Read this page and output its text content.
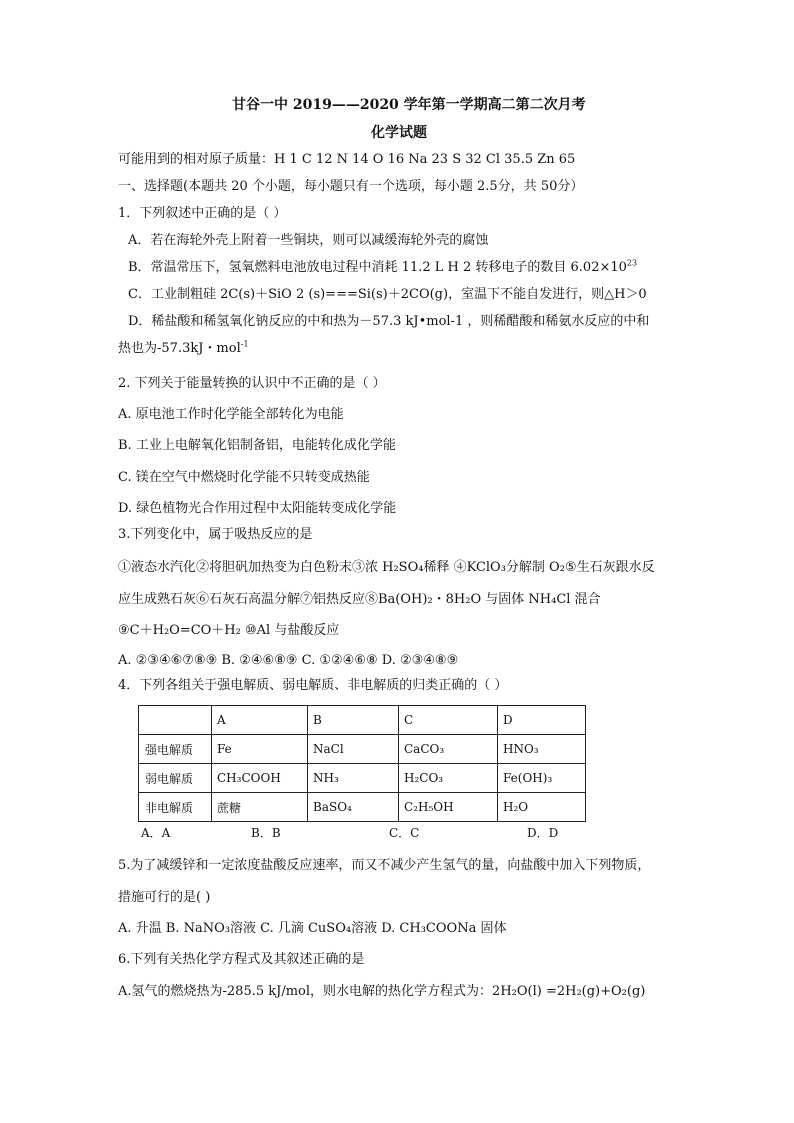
甘谷一中 2019——2020 学年第一学期高二第二次月考
化学试题
可能用到的相对原子质量：H 1 C 12 N 14 O 16 Na 23 S 32 Cl 35.5 Zn 65
一、选择题(本题共 20 个小题，每小题只有一个选项，每小题 2.5分，共 50分）
1．下列叙述中正确的是（ ）
A．若在海轮外壳上附着一些铜块，则可以减缓海轮外壳的腐蚀
B．常温常压下，氢氧燃料电池放电过程中消耗 11.2 L H 2 转移电子的数目 $6.02\times 10^{23}$
C．工业制粗硅 2C(s)＋SiO 2 (s)===Si(s)＋2CO(g)，室温下不能自发进行，则△H＞0
D．稀盐酸和稀氢氧化钠反应的中和热为－57.3 kJ•mol-1 ，则稀醋酸和稀氨水反应的中和
热也为-57.3kJ・mol$^{-1}$
2. 下列关于能量转换的认识中不正确的是（ ）
A. 原电池工作时化学能全部转化为电能
B. 工业上电解氧化铝制备铝，电能转化成化学能
C. 镁在空气中燃烧时化学能不只转变成热能
D. 绿色植物光合作用过程中太阳能转变成化学能
3.下列变化中，属于吸热反应的是
①液态水汽化②将胆矾加热变为白色粉末③浓 H₂SO₄稀释 ④KClO₃分解制 O₂⑤生石灰跟水反
应生成熟石灰⑥石灰石高温分解⑦铝热反应⑧Ba(OH)₂・8H₂O 与固体 NH₄Cl 混合
⑨C＋H₂O=CO＋H₂ ⑩Al 与盐酸反应
A. ②③④⑥⑦⑧⑨ B. ②④⑥⑧⑨ C. ①②④⑥⑧ D. ②③④⑧⑨
4．下列各组关于强电解质、弱电解质、非电解质的归类正确的（ ）
	A	B	C	D
强电解质	Fe	NaCl	CaCO₃	HNO₃
弱电解质	CH₃COOH	NH₃	H₂CO₃	Fe(OH)₃
非电解质	蔗糖	BaSO₄	C₂H₅OH	H₂O
A．A	B．B	C．C	D．D
5.为了减缓锌和一定浓度盐酸反应速率，而又不减少产生氢气的量，向盐酸中加入下列物质，
措施可行的是( )
A. 升温 B. NaNO₃溶液 C. 几滴 CuSO₄溶液 D. CH₃COONa 固体
6.下列有关热化学方程式及其叙述正确的是
A.氢气的燃烧热为-285.5 kJ/mol，则水电解的热化学方程式为：2H₂O(l) =2H₂(g)+O₂(g)
